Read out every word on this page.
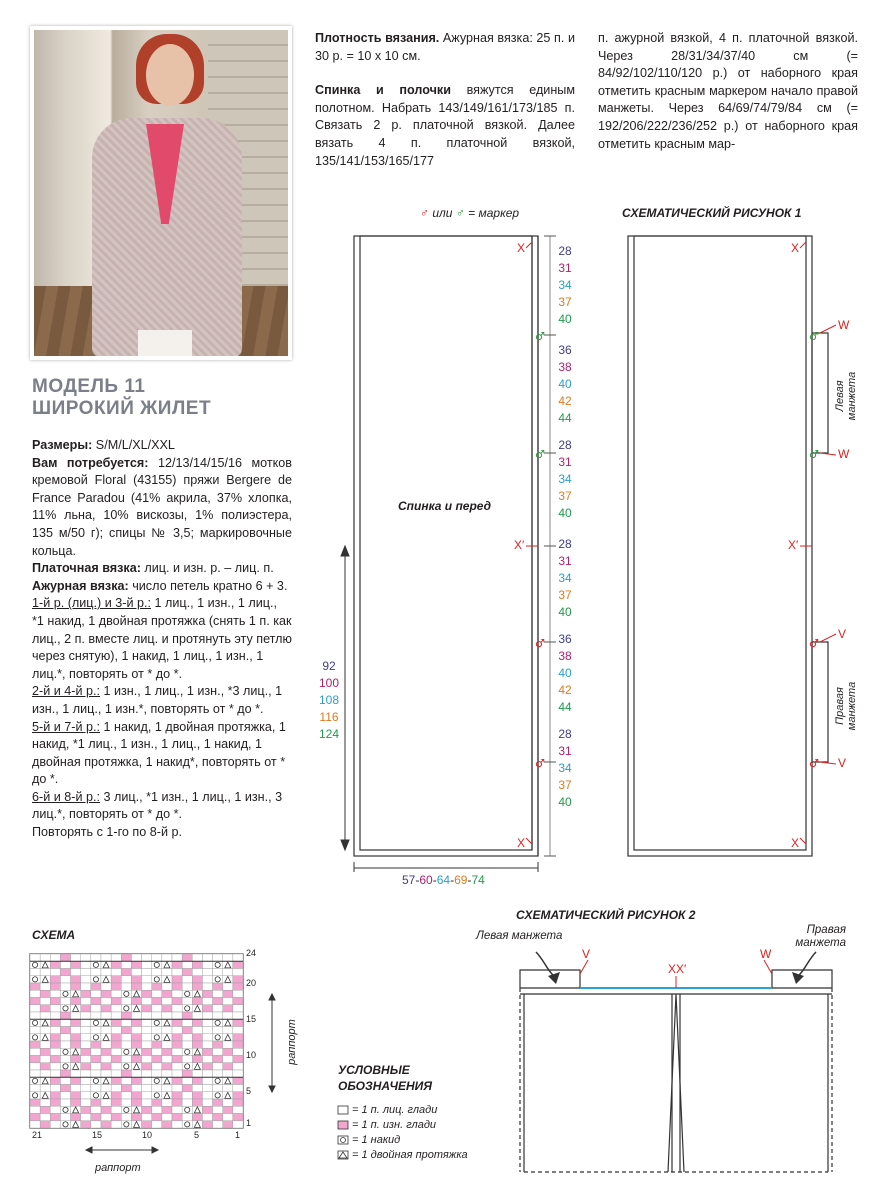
МОДЕЛЬ 11
ШИРОКИЙ ЖИЛЕТ

Размеры: S/M/L/XL/XXL

Вам потребуется: 12/13/14/15/16 мотков кремовой Floral (43155) пряжи Bergere de France Paradou (41% акрила, 37% хлопка, 11% льна, 10% вискозы, 1% полиэстера, 135 м/50 г); спицы № 3,5; маркировочные кольца.

Платочная вязка: лиц. и изн. р. – лиц. п.

Ажурная вязка: число петель кратно 6 + 3.

1-й р. (лиц.) и 3-й р.: 1 лиц., 1 изн., 1 лиц., *1 накид, 1 двойная протяжка (снять 1 п. как лиц., 2 п. вместе лиц. и протянуть эту петлю через снятую), 1 накид, 1 лиц., 1 изн., 1 лиц.*, повторять от * до *.

2-й и 4-й р.: 1 изн., 1 лиц., 1 изн., *3 лиц., 1 изн., 1 лиц., 1 изн.*, повторять от * до *.

5-й и 7-й р.: 1 накид, 1 двойная протяжка, 1 накид, *1 лиц., 1 изн., 1 лиц., 1 накид, 1 двойная протяжка, 1 накид*, повторять от * до *.

6-й и 8-й р.: 3 лиц., *1 изн., 1 лиц., 1 изн., 3 лиц.*, повторять от * до *.

Повторять с 1-го по 8-й р.

Плотность вязания. Ажурная вязка: 25 п. и 30 р. = 10 х 10 см.

Спинка и полочки вяжутся единым полотном. Набрать 143/149/161/173/185 п. Связать 2 р. платочной вязкой. Далее вязать 4 п. платочной вязкой, 135/141/153/165/177

п. ажурной вязкой, 4 п. платочной вязкой. Через 28/31/34/37/40 см (= 84/92/102/110/120 р.) от наборного края отметить красным маркером начало правой манжеты. Через 64/69/74/79/84 см (= 192/206/222/236/252 р.) от наборного края отметить красным мар-
♂ или ♂ = маркер	СХЕМАТИЧЕСКИЙ РИСУНОК 1
♂
♂
♂
♂
♂
♂
♂
♂
Спинка и перед
X
X
X′
X
X
X′
W
W
V
V
Левая манжета
Правая манжета
28
31
34
37
40
36
38
40
42
44
28
31
34
37
40
28
31
34
37
40
36
38
40
42
44
28
31
34
37
40
92
100
108
116
124
57-60-64-69-74
СХЕМАТИЧЕСКИЙ РИСУНОК 2
Левая манжета	Правая манжета
V	W
XX′
СХЕМА
24
20
15
10
5
1
21	15	10	5	1
раппорт
раппорт
УСЛОВНЫЕ ОБОЗНАЧЕНИЯ
= 1 п. лиц. глади
= 1 п. изн. глади
= 1 накид
= 1 двойная протяжка
